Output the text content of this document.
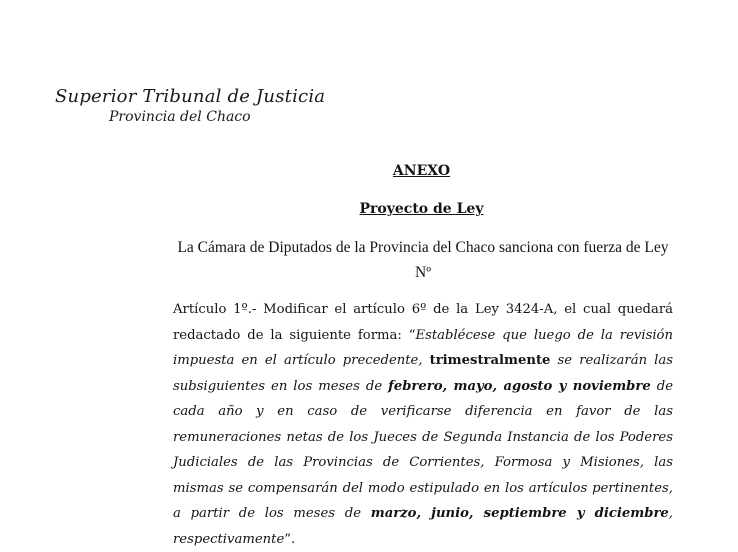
Superior Tribunal de Justicia
Provincia del Chaco
ANEXO
Proyecto de Ley
La Cámara de Diputados de la Provincia del Chaco sanciona con fuerza de Ley
Nº
Artículo 1º.- Modificar el artículo 6º de la Ley 3424-A, el cual quedará redactado de la siguiente forma: “Establécese que luego de la revisión impuesta en el artículo precedente, trimestralmente se realizarán las subsiguientes en los meses de febrero, mayo, agosto y noviembre de cada año y en caso de verificarse diferencia en favor de las remuneraciones netas de los Jueces de Segunda Instancia de los Poderes Judiciales de las Provincias de Corrientes, Formosa y Misiones, las mismas se compensarán del modo estipulado en los artículos pertinentes, a partir de los meses de marzo, junio, septiembre y diciembre, respectivamente”.
